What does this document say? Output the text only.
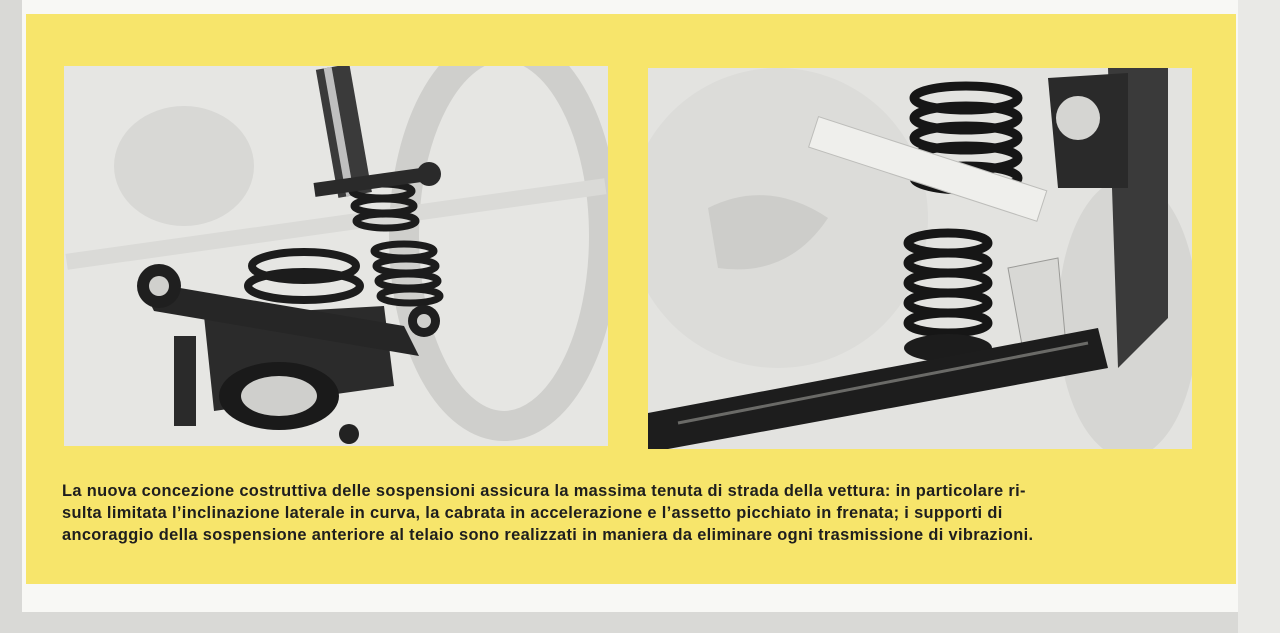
La nuova concezione costruttiva delle sospensioni assicura la massima tenuta di strada della vettura: in particolare ri-
sulta limitata l’inclinazione laterale in curva, la cabrata in accelerazione e l’assetto picchiato in frenata; i supporti di
ancoraggio della sospensione anteriore al telaio sono realizzati in maniera da eliminare ogni trasmissione di vibrazioni.
